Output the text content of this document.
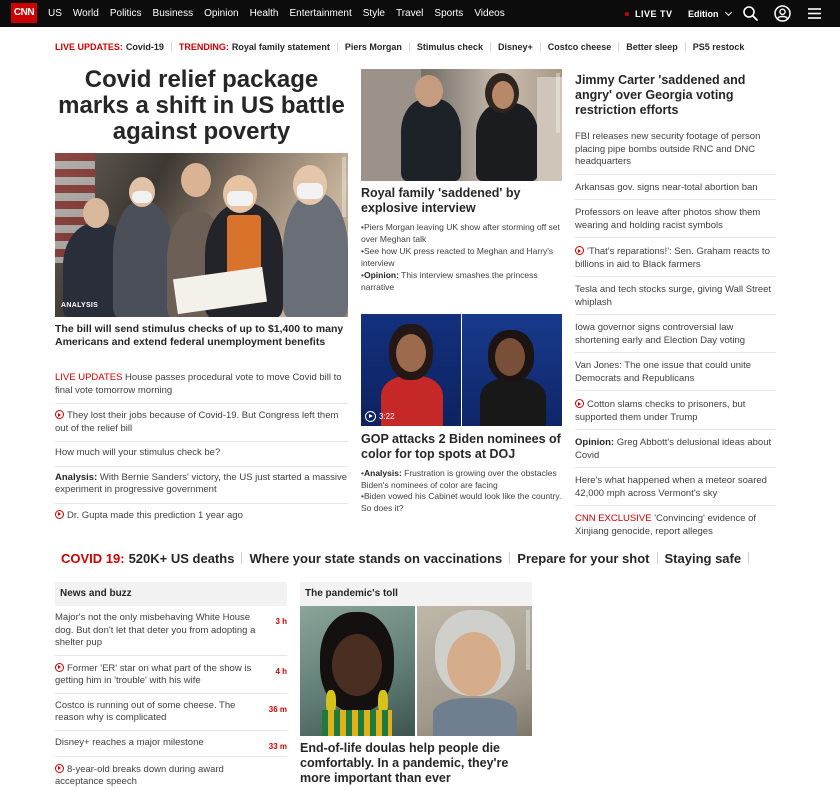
CNN US World Politics Business Opinion Health Entertainment Style Travel Sports Videos	LIVE TV Edition
LIVE UPDATES: Covid-19 TRENDING: Royal family statement Piers Morgan Stimulus check Disney+ Costco cheese Better sleep PS5 restock
Covid relief package marks a shift in US battle against poverty
ANALYSIS
The bill will send stimulus checks of up to $1,400 to many Americans and extend federal unemployment benefits
LIVE UPDATES House passes procedural vote to move Covid bill to final vote tomorrow morning
They lost their jobs because of Covid-19. But Congress left them out of the relief bill
How much will your stimulus check be?
Analysis: With Bernie Sanders' victory, the US just started a massive experiment in progressive government
Dr. Gupta made this prediction 1 year ago
Royal family 'saddened' by explosive interview
•Piers Morgan leaving UK show after storming off set over Meghan talk
•See how UK press reacted to Meghan and Harry's interview
•Opinion: This interview smashes the princess narrative
3:22
GOP attacks 2 Biden nominees of color for top spots at DOJ
•Analysis: Frustration is growing over the obstacles Biden's nominees of color are facing
•Biden vowed his Cabinet would look like the country. So does it?
Jimmy Carter 'saddened and angry' over Georgia voting restriction efforts
FBI releases new security footage of person placing pipe bombs outside RNC and DNC headquarters
Arkansas gov. signs near-total abortion ban
Professors on leave after photos show them wearing and holding racist symbols
'That's reparations!': Sen. Graham reacts to billions in aid to Black farmers
Tesla and tech stocks surge, giving Wall Street whiplash
Iowa governor signs controversial law shortening early and Election Day voting
Van Jones: The one issue that could unite Democrats and Republicans
Cotton slams checks to prisoners, but supported them under Trump
Opinion: Greg Abbott's delusional ideas about Covid
Here's what happened when a meteor soared 42,000 mph across Vermont's sky
CNN EXCLUSIVE 'Convincing' evidence of Xinjiang genocide, report alleges
COVID 19: 520K+ US deaths Where your state stands on vaccinations Prepare for your shot Staying safe
News and buzz
Major's not the only misbehaving White House dog. But don't let that deter you from adopting a shelter pup
3 h
Former 'ER' star on what part of the show is getting him in 'trouble' with his wife
4 h
Costco is running out of some cheese. The reason why is complicated
36 m
Disney+ reaches a major milestone	33 m
8-year-old breaks down during award acceptance speech
The pandemic's toll
End-of-life doulas help people die comfortably. In a pandemic, they're more important than ever
